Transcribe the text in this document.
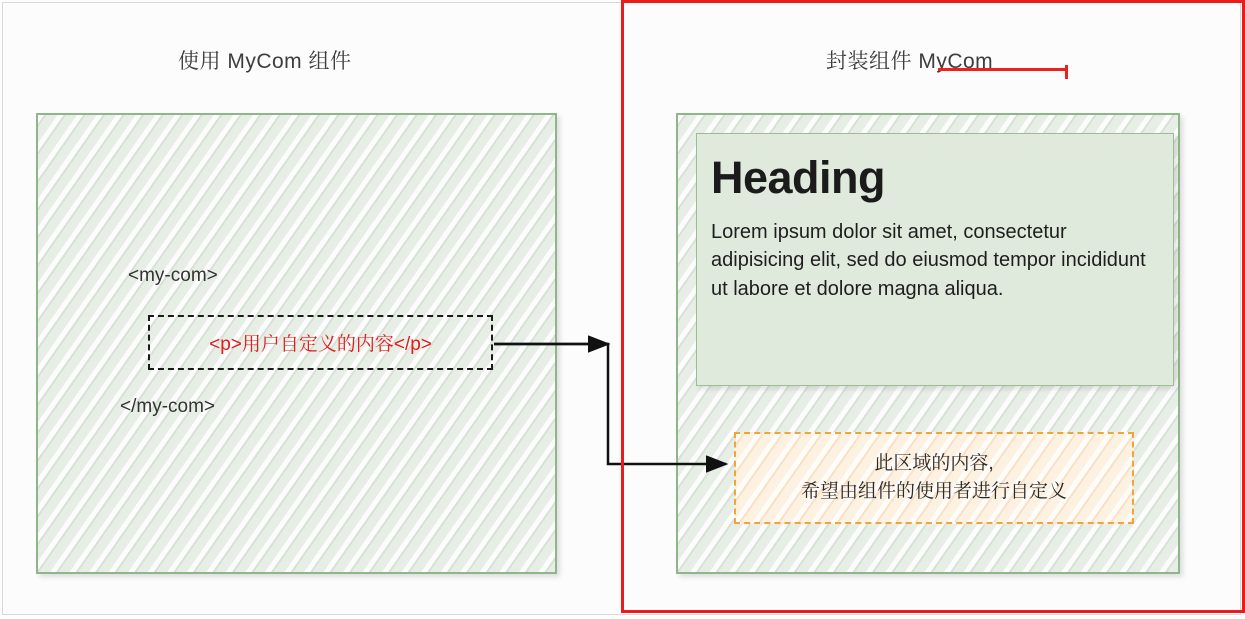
使用 MyCom 组件	封装组件 MyCom
<my-com>
<p>用户自定义的内容</p>
</my-com>
Heading

Lorem ipsum dolor sit amet, consectetur adipisicing elit, sed do eiusmod tempor incididunt ut labore et dolore magna aliqua.

此区域的内容,
希望由组件的使用者进行自定义
